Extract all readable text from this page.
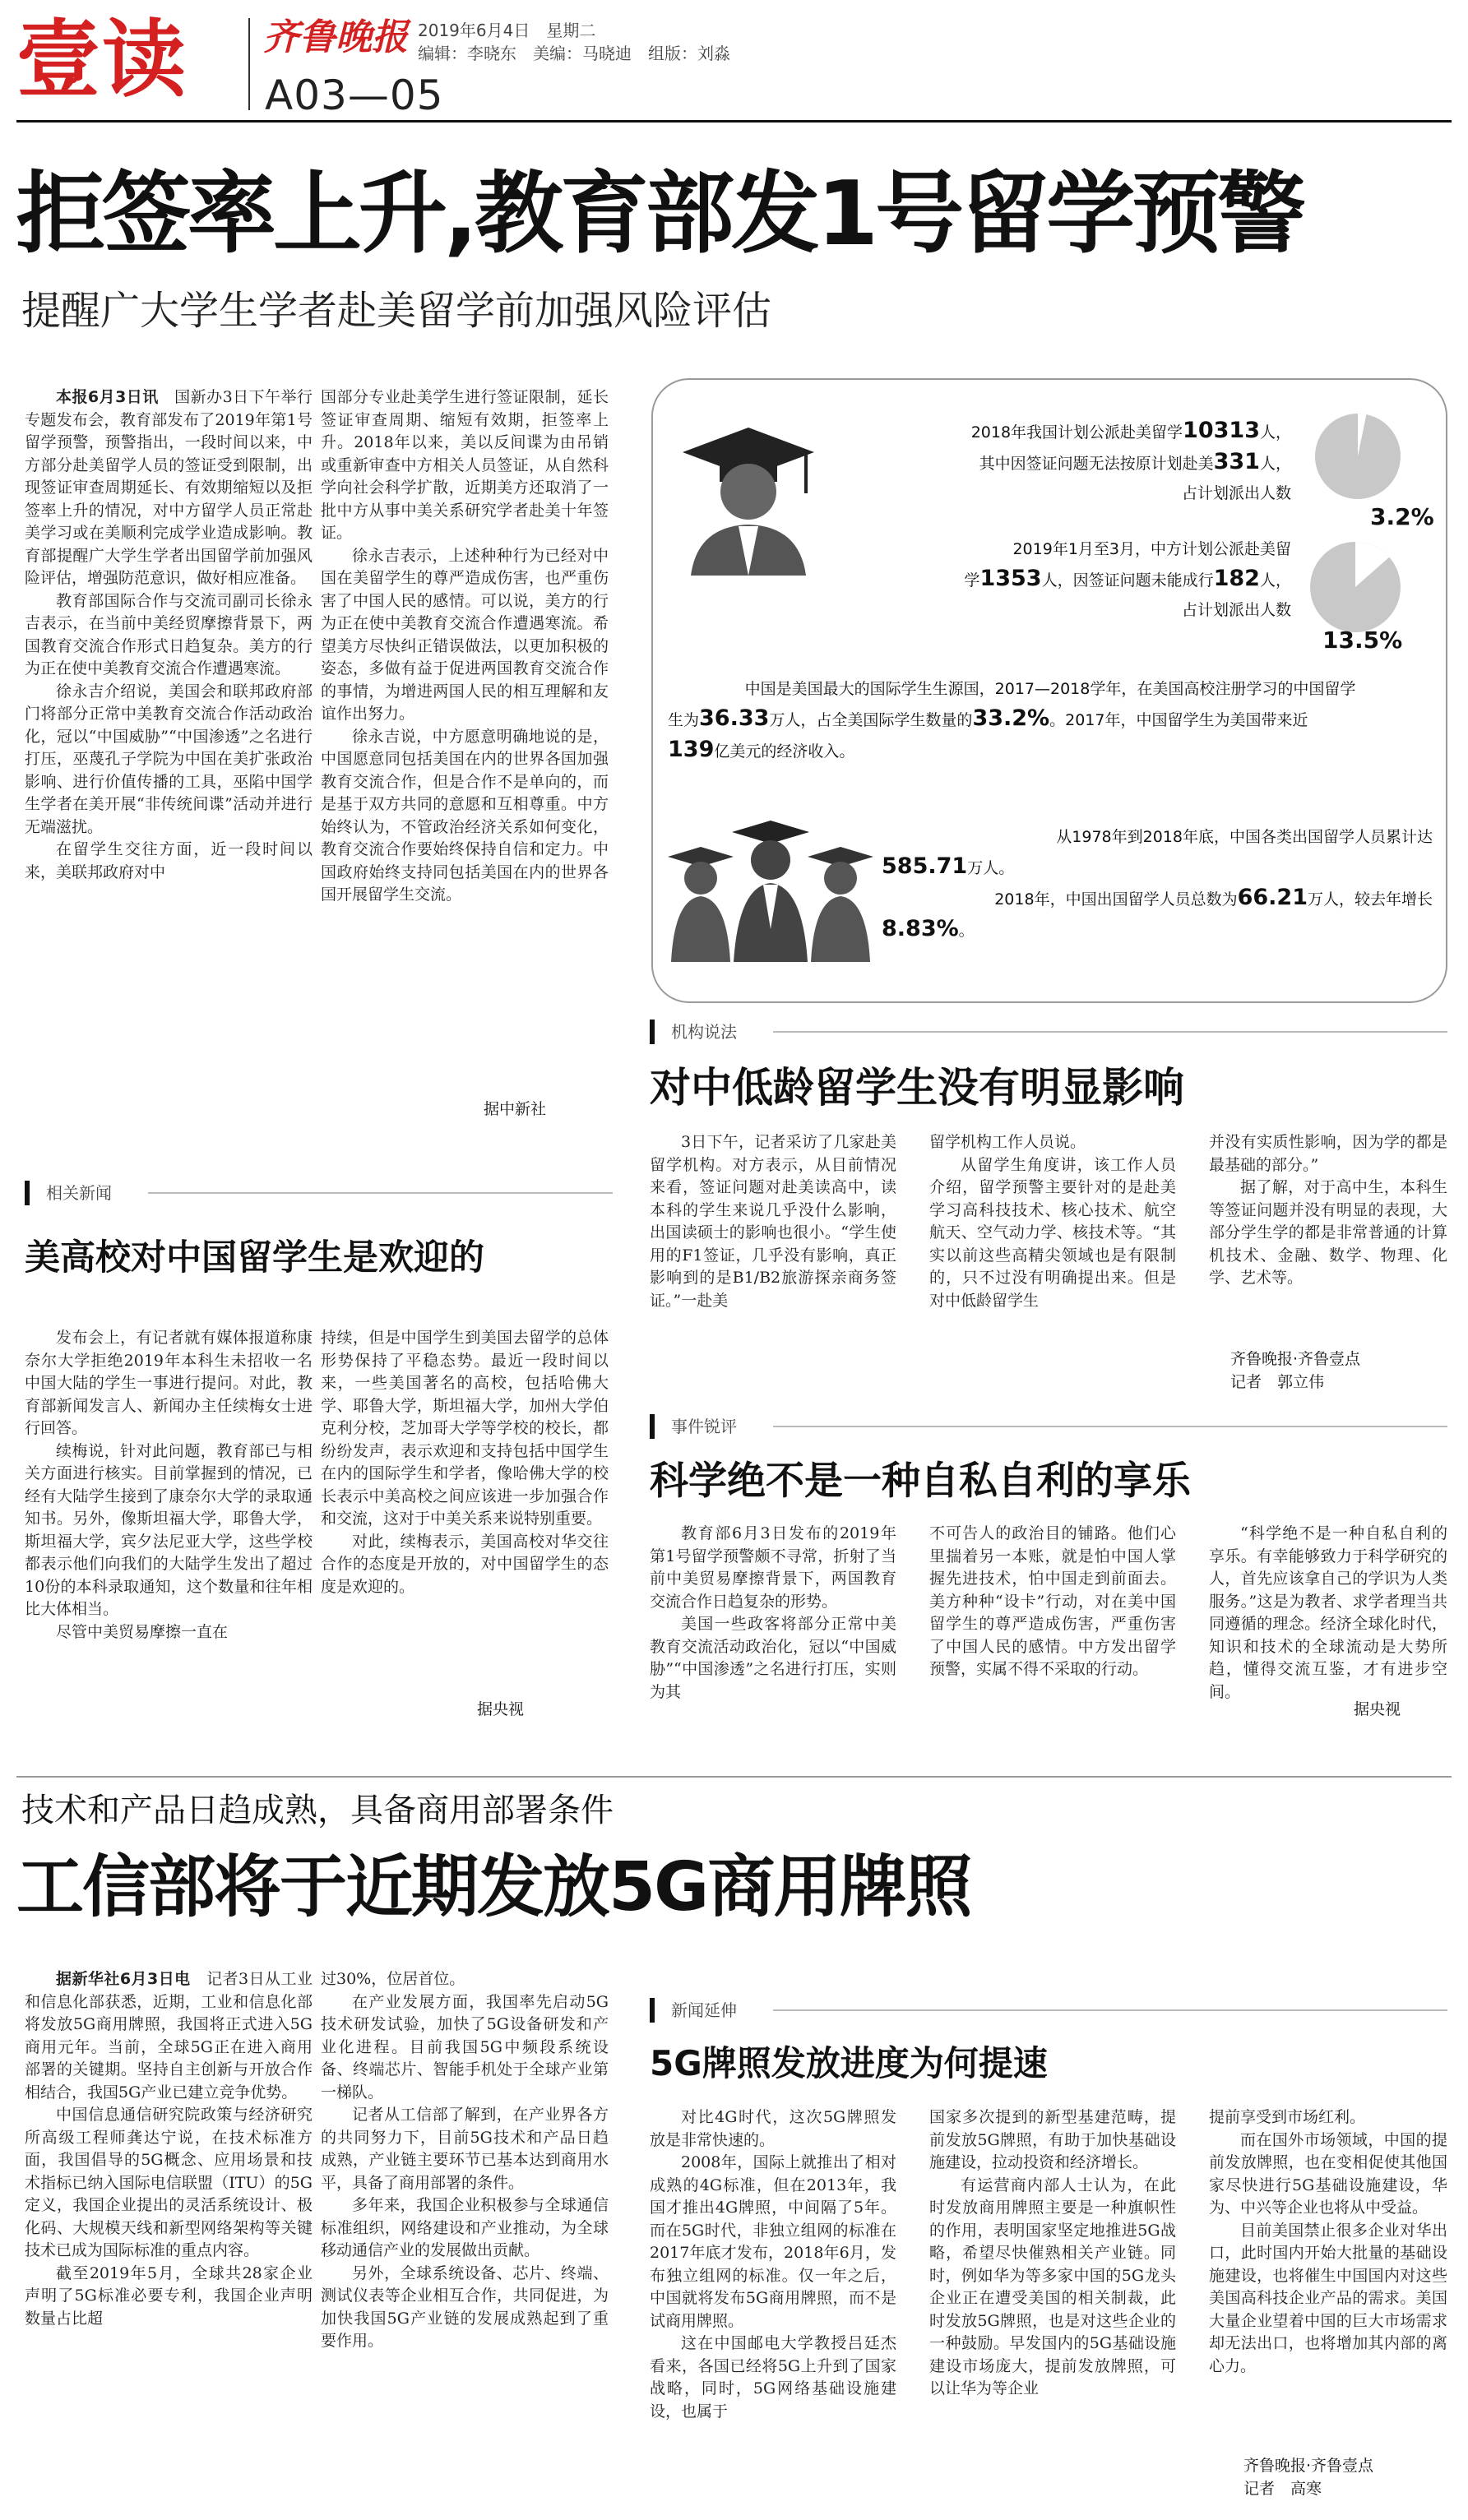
壹读 齐鲁晚报 2019年6月4日　星期二
编辑：李晓东　美编：马晓迪　组版：刘淼
A03—05
拒签率上升,教育部发1号留学预警
提醒广大学生学者赴美留学前加强风险评估

本报6月3日讯　 国新办3日下午举行专题发布会，教育部发布了2019年第1号留学预警，预警指出，一段时间以来，中方部分赴美留学人员的签证受到限制，出现签证审查周期延长、有效期缩短以及拒签率上升的情况，对中方留学人员正常赴美学习或在美顺利完成学业造成影响。教育部提醒广大学生学者出国留学前加强风险评估，增强防范意识，做好相应准备。

教育部国际合作与交流司副司长徐永吉表示，在当前中美经贸摩擦背景下，两国教育交流合作形式日趋复杂。美方的行为正在使中美教育交流合作遭遇寒流。

徐永吉介绍说，美国会和联邦政府部门将部分正常中美教育交流合作活动政治化，冠以“中国威胁”“中国渗透”之名进行打压，巫蔑孔子学院为中国在美扩张政治影响、进行价值传播的工具，巫陷中国学生学者在美开展“非传统间谍”活动并进行无端滋扰。

在留学生交往方面，近一段时间以来，美联邦政府对中

国部分专业赴美学生进行签证限制，延长签证审查周期、缩短有效期，拒签率上升。2018年以来，美以反间谍为由吊销或重新审查中方相关人员签证，从自然科学向社会科学扩散，近期美方还取消了一批中方从事中美关系研究学者赴美十年签证。

徐永吉表示，上述种种行为已经对中国在美留学生的尊严造成伤害，也严重伤害了中国人民的感情。可以说，美方的行为正在使中美教育交流合作遭遇寒流。希望美方尽快纠正错误做法，以更加积极的姿态，多做有益于促进两国教育交流合作的事情，为增进两国人民的相互理解和友谊作出努力。

徐永吉说，中方愿意明确地说的是，中国愿意同包括美国在内的世界各国加强教育交流合作，但是合作不是单向的，而是基于双方共同的意愿和互相尊重。中方始终认为，不管政治经济关系如何变化，教育交流合作要始终保持自信和定力。中国政府始终支持同包括美国在内的世界各国开展留学生交流。

据中新社
2018年我国计划公派赴美留学10313人，
其中因签证问题无法按原计划赴美331人，
占计划派出人数
3.2%
2019年1月至3月，中方计划公派赴美留
学1353人，因签证问题未能成行182人，
占计划派出人数
13.5%
中国是美国最大的国际学生生源国，2017—2018学年，在美国高校注册学习的中国留学
生为36.33万人，占全美国际学生数量的33.2%。2017年，中国留学生为美国带来近
139亿美元的经济收入。
从1978年到2018年底，中国各类出国留学人员累计达
585.71万人。
2018年，中国出国留学人员总数为66.21万人，较去年增长
8.83%。
机构说法
对中低龄留学生没有明显影响

3日下午，记者采访了几家赴美留学机构。对方表示，从目前情况来看，签证问题对赴美读高中，读本科的学生来说几乎没什么影响，出国读硕士的影响也很小。“学生使用的F1签证，几乎没有影响，真正影响到的是B1/B2旅游探亲商务签证。”一赴美

留学机构工作人员说。

从留学生角度讲，该工作人员介绍，留学预警主要针对的是赴美学习高科技技术、核心技术、航空航天、空气动力学、核技术等。“其实以前这些高精尖领域也是有限制的，只不过没有明确提出来。但是对中低龄留学生

并没有实质性影响，因为学的都是最基础的部分。”

据了解，对于高中生，本科生等签证问题并没有明显的表现，大部分学生学的都是非常普通的计算机技术、金融、数学、物理、化学、艺术等。

齐鲁晚报·齐鲁壹点
记者　郭立伟
相关新闻
美高校对中国留学生是欢迎的

发布会上，有记者就有媒体报道称康奈尔大学拒绝2019年本科生未招收一名中国大陆的学生一事进行提问。对此，教育部新闻发言人、新闻办主任续梅女士进行回答。

续梅说，针对此问题，教育部已与相关方面进行核实。目前掌握到的情况，已经有大陆学生接到了康奈尔大学的录取通知书。另外，像斯坦福大学，耶鲁大学，斯坦福大学，宾夕法尼亚大学，这些学校都表示他们向我们的大陆学生发出了超过10份的本科录取通知，这个数量和往年相比大体相当。

尽管中美贸易摩擦一直在

持续，但是中国学生到美国去留学的总体形势保持了平稳态势。最近一段时间以来，一些美国著名的高校，包括哈佛大学、耶鲁大学，斯坦福大学，加州大学伯克利分校，芝加哥大学等学校的校长，都纷纷发声，表示欢迎和支持包括中国学生在内的国际学生和学者，像哈佛大学的校长表示中美高校之间应该进一步加强合作和交流，这对于中美关系来说特别重要。

对此，续梅表示，美国高校对华交往合作的态度是开放的，对中国留学生的态度是欢迎的。

据央视
事件锐评
科学绝不是一种自私自利的享乐

教育部6月3日发布的2019年第1号留学预警颇不寻常，折射了当前中美贸易摩擦背景下，两国教育交流合作日趋复杂的形势。

美国一些政客将部分正常中美教育交流活动政治化，冠以“中国威胁”“中国渗透”之名进行打压，实则为其

不可告人的政治目的铺路。他们心里揣着另一本账，就是怕中国人掌握先进技术，怕中国走到前面去。美方种种“设卡”行动，对在美中国留学生的尊严造成伤害，严重伤害了中国人民的感情。中方发出留学预警，实属不得不采取的行动。

“科学绝不是一种自私自利的享乐。有幸能够致力于科学研究的人，首先应该拿自己的学识为人类服务。”这是为教者、求学者理当共同遵循的理念。经济全球化时代，知识和技术的全球流动是大势所趋，懂得交流互鉴，才有进步空间。

据央视
技术和产品日趋成熟，具备商用部署条件
工信部将于近期发放5G商用牌照

据新华社6月3日电　 记者3日从工业和信息化部获悉，近期，工业和信息化部将发放5G商用牌照，我国将正式进入5G商用元年。当前，全球5G正在进入商用部署的关键期。坚持自主创新与开放合作相结合，我国5G产业已建立竞争优势。

中国信息通信研究院政策与经济研究所高级工程师龚达宁说，在技术标准方面，我国倡导的5G概念、应用场景和技术指标已纳入国际电信联盟（ITU）的5G定义，我国企业提出的灵活系统设计、极化码、大规模天线和新型网络架构等关键技术已成为国际标准的重点内容。

截至2019年5月，全球共28家企业声明了5G标准必要专利，我国企业声明数量占比超

过30%，位居首位。

在产业发展方面，我国率先启动5G技术研发试验，加快了5G设备研发和产业化进程。目前我国5G中频段系统设备、终端芯片、智能手机处于全球产业第一梯队。

记者从工信部了解到，在产业界各方的共同努力下，目前5G技术和产品日趋成熟，产业链主要环节已基本达到商用水平，具备了商用部署的条件。

多年来，我国企业积极参与全球通信标准组织，网络建设和产业推动，为全球移动通信产业的发展做出贡献。

另外，全球系统设备、芯片、终端、测试仪表等企业相互合作，共同促进，为加快我国5G产业链的发展成熟起到了重要作用。

新闻延伸
5G牌照发放进度为何提速

对比4G时代，这次5G牌照发放是非常快速的。

2008年，国际上就推出了相对成熟的4G标准，但在2013年，我国才推出4G牌照，中间隔了5年。而在5G时代，非独立组网的标准在2017年底才发布，2018年6月，发布独立组网的标准。仅一年之后，中国就将发布5G商用牌照，而不是试商用牌照。

这在中国邮电大学教授吕廷杰看来，各国已经将5G上升到了国家战略，同时，5G网络基础设施建设，也属于

国家多次提到的新型基建范畴，提前发放5G牌照，有助于加快基础设施建设，拉动投资和经济增长。

有运营商内部人士认为，在此时发放商用牌照主要是一种旗帜性的作用，表明国家坚定地推进5G战略，希望尽快催熟相关产业链。同时，例如华为等多家中国的5G龙头企业正在遭受美国的相关制裁，此时发放5G牌照，也是对这些企业的一种鼓励。早发国内的5G基础设施建设市场庞大，提前发放牌照，可以让华为等企业

提前享受到市场红利。

而在国外市场领域，中国的提前发放牌照，也在变相促使其他国家尽快进行5G基础设施建设，华为、中兴等企业也将从中受益。

目前美国禁止很多企业对华出口，此时国内开始大批量的基础设施建设，也将催生中国国内对这些美国高科技企业产品的需求。美国大量企业望着中国的巨大市场需求却无法出口，也将增加其内部的离心力。

齐鲁晚报·齐鲁壹点
记者　高寒
